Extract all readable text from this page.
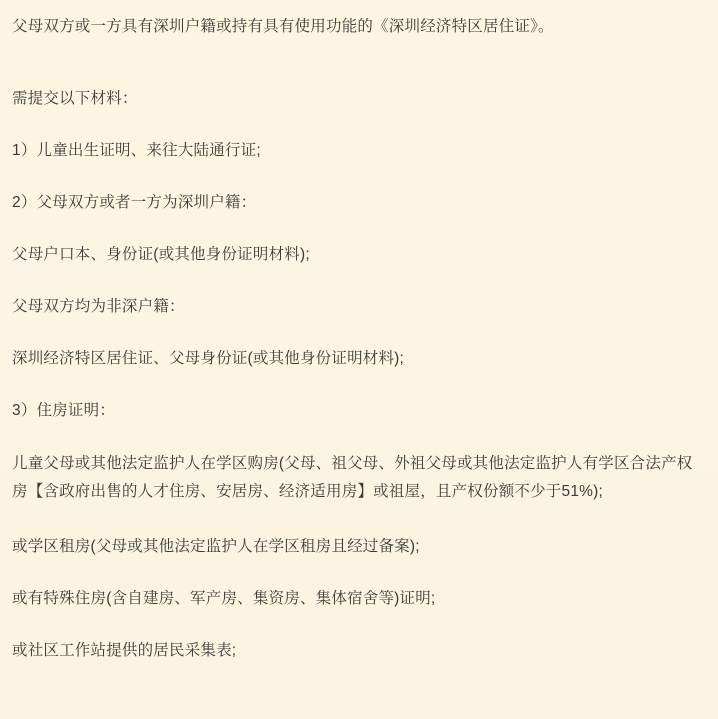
父母双方或一方具有深圳户籍或持有具有使用功能的《深圳经济特区居住证》。

需提交以下材料：

1）儿童出生证明、来往大陆通行证;

2）父母双方或者一方为深圳户籍：

父母户口本、身份证(或其他身份证明材料);

父母双方均为非深户籍：

深圳经济特区居住证、父母身份证(或其他身份证明材料);

3）住房证明：

儿童父母或其他法定监护人在学区购房(父母、祖父母、外祖父母或其他法定监护人有学区合法产权房【含政府出售的人才住房、安居房、经济适用房】或祖屋，且产权份额不少于51%);

或学区租房(父母或其他法定监护人在学区租房且经过备案);

或有特殊住房(含自建房、军产房、集资房、集体宿舍等)证明;

或社区工作站提供的居民采集表;
